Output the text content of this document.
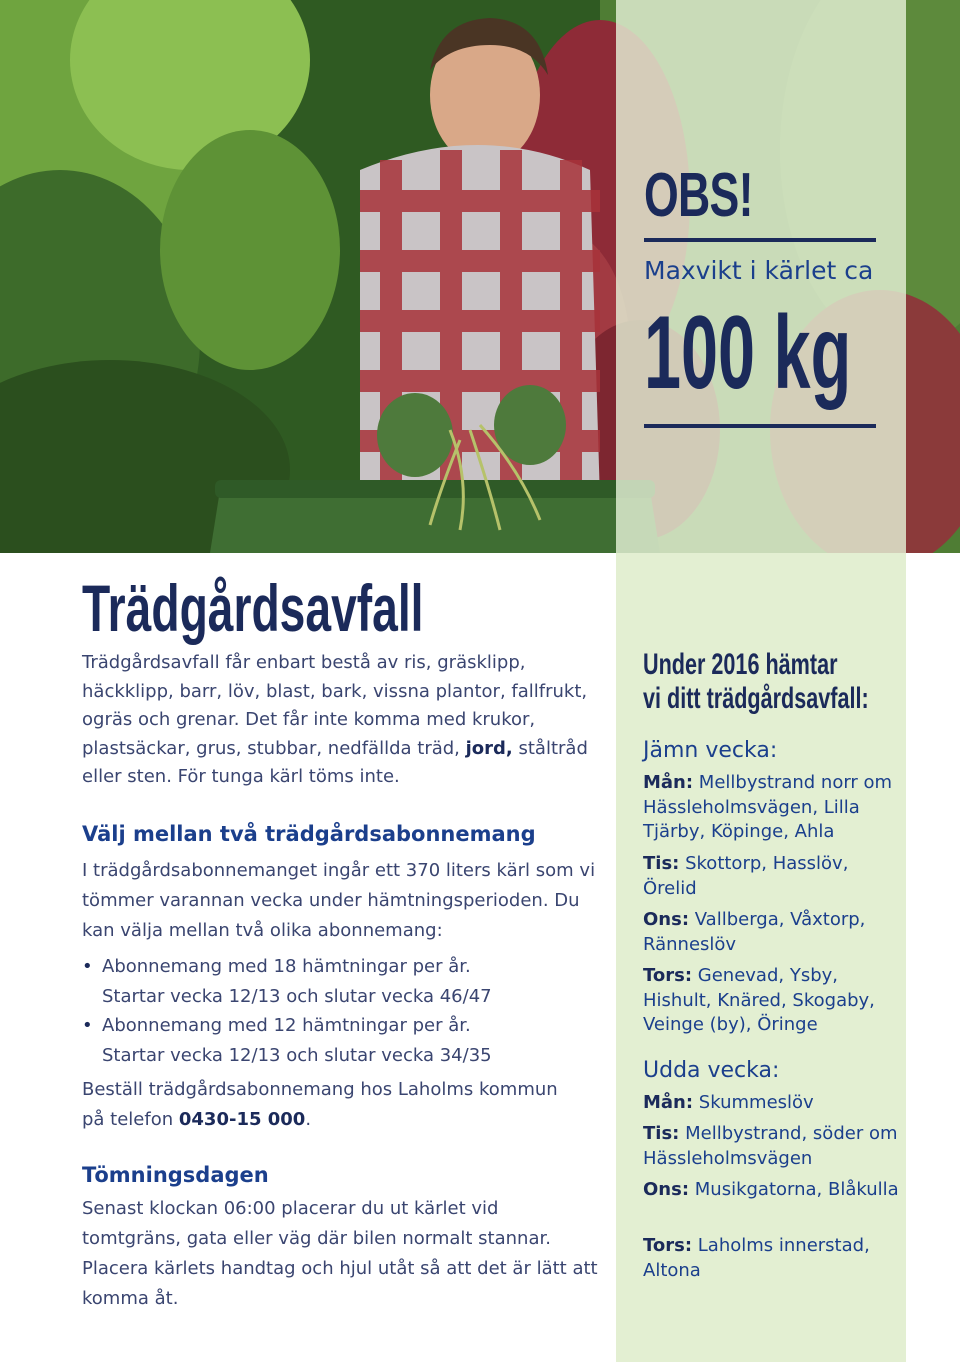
OBS!
Maxvikt i kärlet ca
100 kg
Under 2016 hämtar
vi ditt trädgårdsavfall:
Jämn vecka:
Mån: Mellbystrand norr om Hässleholmsvägen, Lilla Tjärby, Köpinge, Ahla
Tis: Skottorp, Hasslöv, Örelid
Ons: Vallberga, Våxtorp, Ränneslöv
Tors: Genevad, Ysby, Hishult, Knäred, Skogaby, Veinge (by), Öringe
Udda vecka:
Mån: Skummeslöv
Tis: Mellbystrand, söder om Hässleholmsvägen
Ons: Musikgatorna, Blåkulla
Tors: Laholms innerstad, Altona
Trädgårdsavfall
Trädgårdsavfall får enbart bestå av ris, gräsklipp, häckklipp, barr, löv, blast, bark, vissna plantor, fallfrukt, ogräs och grenar. Det får inte komma med krukor, plastsäckar, grus, stubbar, nedfällda träd, jord, ståltråd eller sten. För tunga kärl töms inte.
Välj mellan två trädgårdsabonnemang
I trädgårdsabonnemanget ingår ett 370 liters kärl som vi tömmer varannan vecka under hämtningsperioden. Du kan välja mellan två olika abonnemang:
• Abonnemang med 18 hämtningar per år.
Startar vecka 12/13 och slutar vecka 46/47
• Abonnemang med 12 hämtningar per år.
Startar vecka 12/13 och slutar vecka 34/35
Beställ trädgårdsabonnemang hos Laholms kommun på telefon 0430-15 000.
Tömningsdagen
Senast klockan 06:00 placerar du ut kärlet vid tomtgräns, gata eller väg där bilen normalt stannar. Placera kärlets handtag och hjul utåt så att det är lätt att komma åt.
